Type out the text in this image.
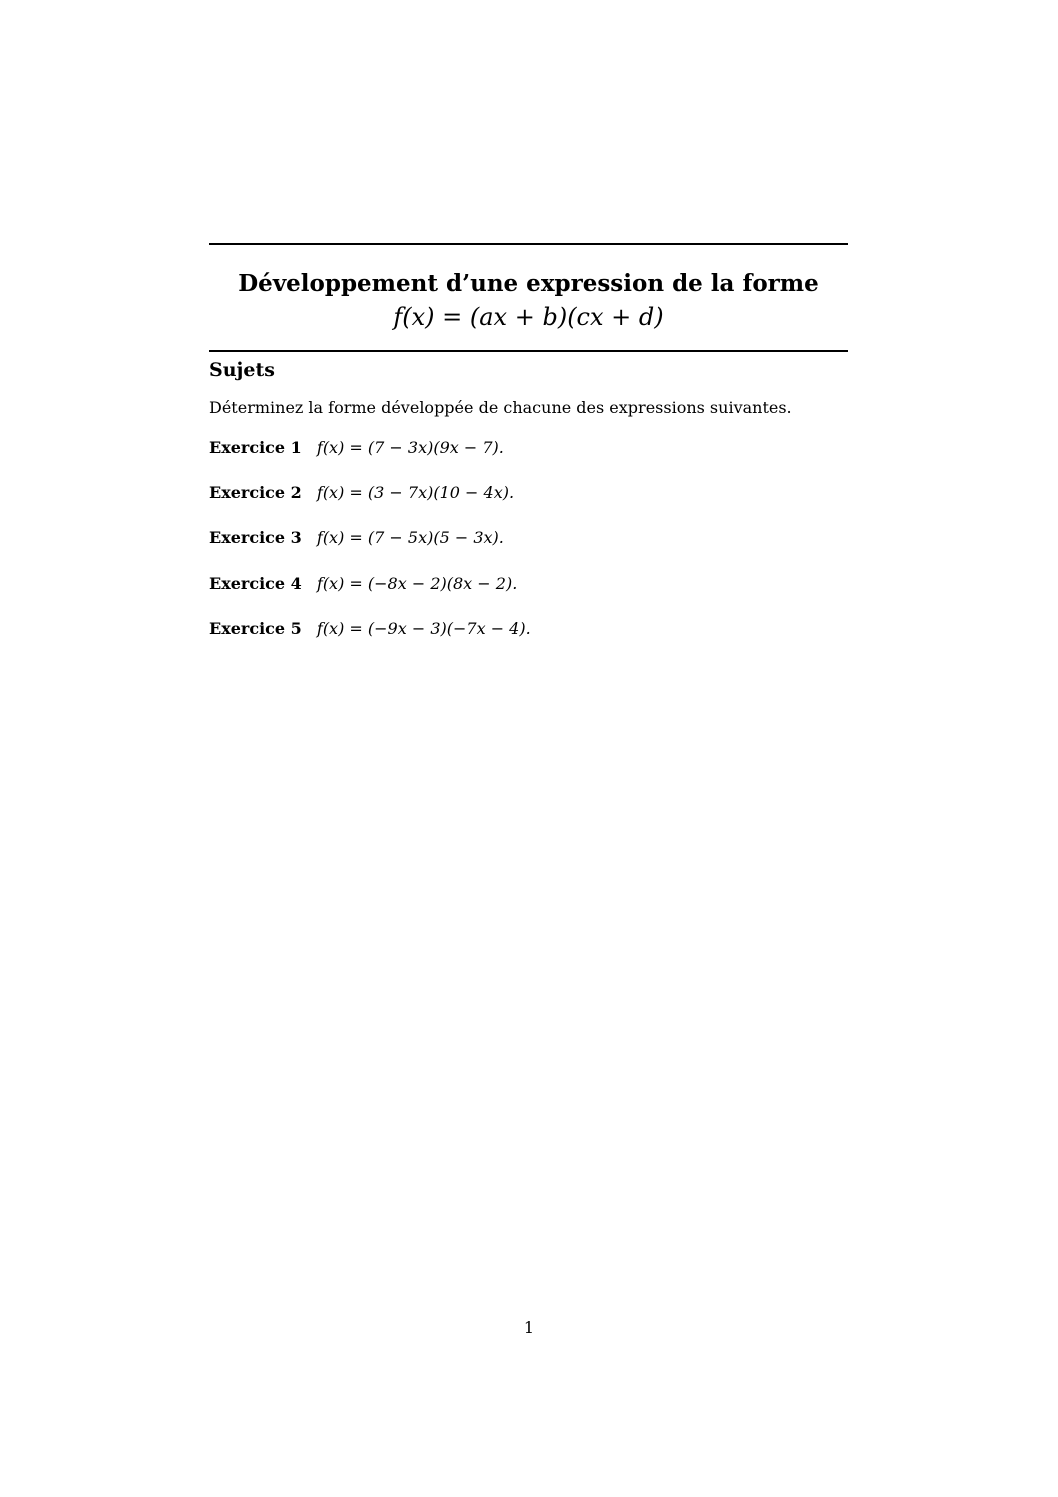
Développement d’une expression de la forme
f(x) = (ax + b)(cx + d)
Sujets
Déterminez la forme développée de chacune des expressions suivantes.
Exercice 1 f(x) = (7 − 3x)(9x − 7).
Exercice 2 f(x) = (3 − 7x)(10 − 4x).
Exercice 3 f(x) = (7 − 5x)(5 − 3x).
Exercice 4 f(x) = (−8x − 2)(8x − 2).
Exercice 5 f(x) = (−9x − 3)(−7x − 4).
1
